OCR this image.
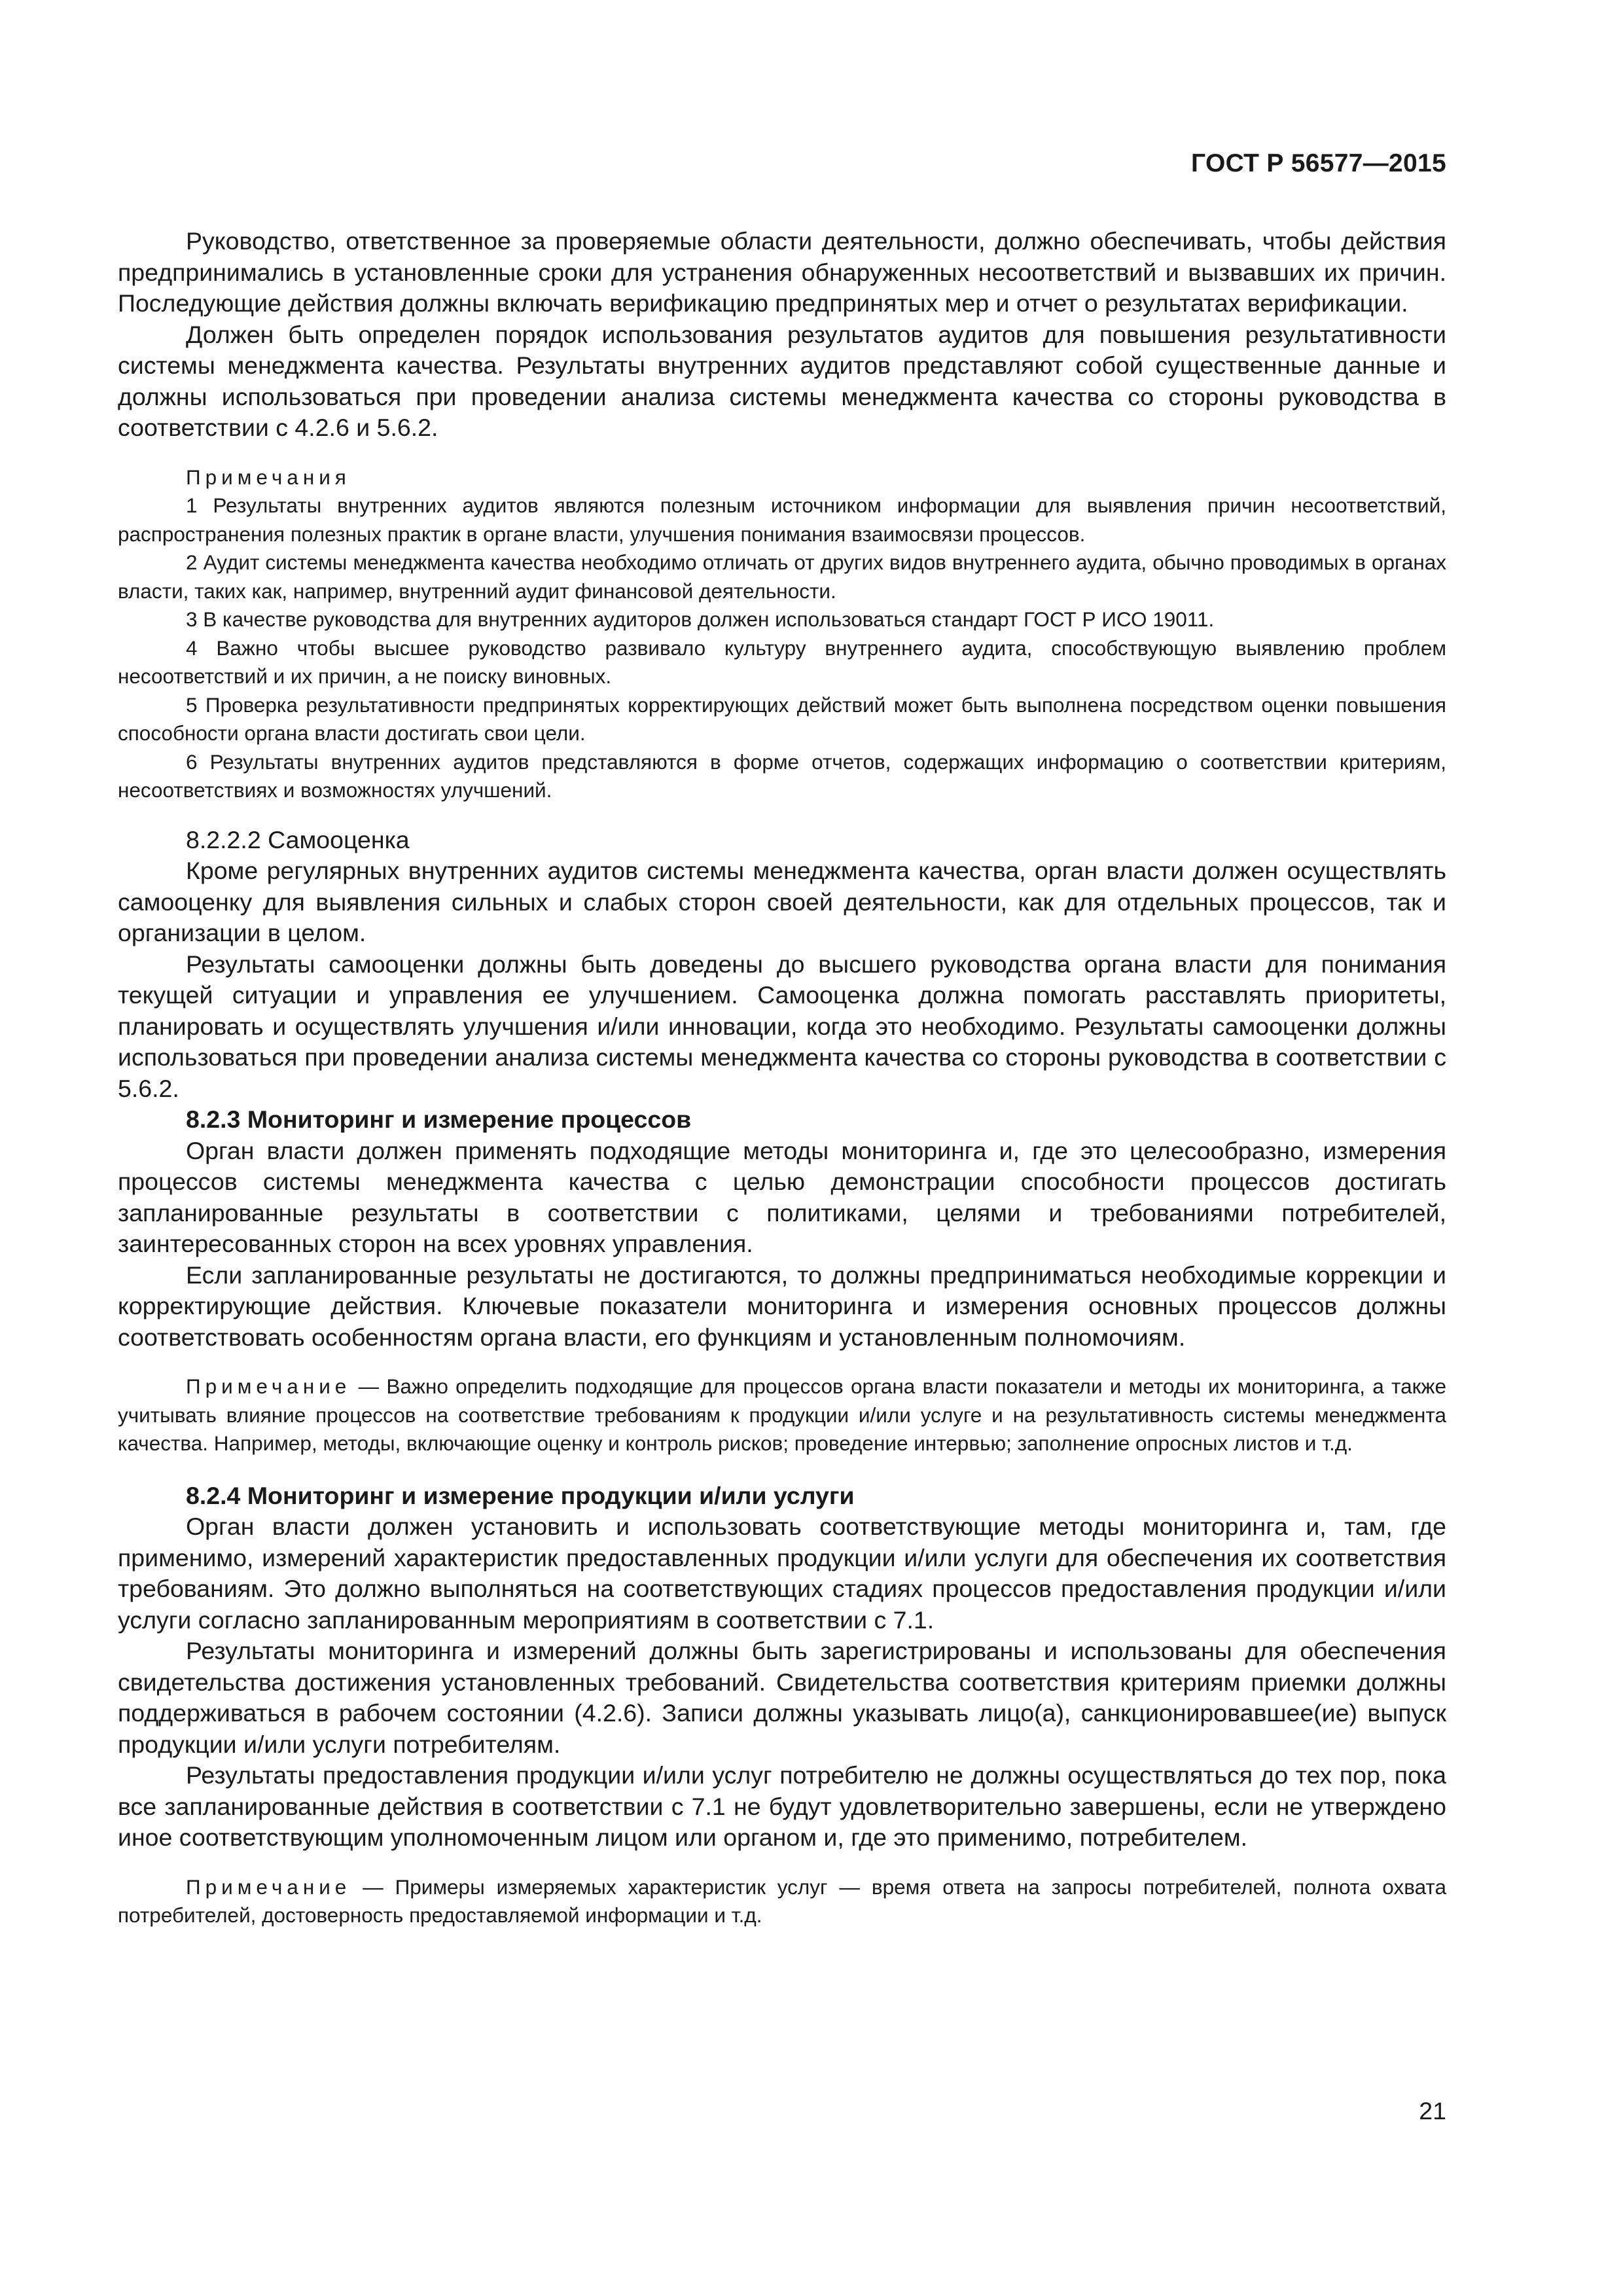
ГОСТ Р 56577—2015

Руководство, ответственное за проверяемые области деятельности, должно обеспечивать, чтобы действия предпринимались в установленные сроки для устранения обнаруженных несоответствий и вызвавших их причин. Последующие действия должны включать верификацию предпринятых мер и отчет о результатах верификации.

Должен быть определен порядок использования результатов аудитов для повышения результативности системы менеджмента качества. Результаты внутренних аудитов представляют собой существенные данные и должны использоваться при проведении анализа системы менеджмента качества со стороны руководства в соответствии с 4.2.6 и 5.6.2.

Примечания

1 Результаты внутренних аудитов являются полезным источником информации для выявления причин несоответствий, распространения полезных практик в органе власти, улучшения понимания взаимосвязи процессов.

2 Аудит системы менеджмента качества необходимо отличать от других видов внутреннего аудита, обычно проводимых в органах власти, таких как, например, внутренний аудит финансовой деятельности.

3 В качестве руководства для внутренних аудиторов должен использоваться стандарт ГОСТ Р ИСО 19011.

4 Важно чтобы высшее руководство развивало культуру внутреннего аудита, способствующую выявлению проблем несоответствий и их причин, а не поиску виновных.

5 Проверка результативности предпринятых корректирующих действий может быть выполнена посредством оценки повышения способности органа власти достигать свои цели.

6 Результаты внутренних аудитов представляются в форме отчетов, содержащих информацию о соответствии критериям, несоответствиях и возможностях улучшений.

8.2.2.2 Самооценка

Кроме регулярных внутренних аудитов системы менеджмента качества, орган власти должен осуществлять самооценку для выявления сильных и слабых сторон своей деятельности, как для отдельных процессов, так и организации в целом.

Результаты самооценки должны быть доведены до высшего руководства органа власти для понимания текущей ситуации и управления ее улучшением. Самооценка должна помогать расставлять приоритеты, планировать и осуществлять улучшения и/или инновации, когда это необходимо. Результаты самооценки должны использоваться при проведении анализа системы менеджмента качества со стороны руководства в соответствии с 5.6.2.

8.2.3 Мониторинг и измерение процессов

Орган власти должен применять подходящие методы мониторинга и, где это целесообразно, измерения процессов системы менеджмента качества с целью демонстрации способности процессов достигать запланированные результаты в соответствии с политиками, целями и требованиями потребителей, заинтересованных сторон на всех уровнях управления.

Если запланированные результаты не достигаются, то должны предприниматься необходимые коррекции и корректирующие действия. Ключевые показатели мониторинга и измерения основных процессов должны соответствовать особенностям органа власти, его функциям и установленным полномочиям.

Примечание — Важно определить подходящие для процессов органа власти показатели и методы их мониторинга, а также учитывать влияние процессов на соответствие требованиям к продукции и/или услуге и на результативность системы менеджмента качества. Например, методы, включающие оценку и контроль рисков; проведение интервью; заполнение опросных листов и т.д.

8.2.4 Мониторинг и измерение продукции и/или услуги

Орган власти должен установить и использовать соответствующие методы мониторинга и, там, где применимо, измерений характеристик предоставленных продукции и/или услуги для обеспечения их соответствия требованиям. Это должно выполняться на соответствующих стадиях процессов предоставления продукции и/или услуги согласно запланированным мероприятиям в соответствии с 7.1.

Результаты мониторинга и измерений должны быть зарегистрированы и использованы для обеспечения свидетельства достижения установленных требований. Свидетельства соответствия критериям приемки должны поддерживаться в рабочем состоянии (4.2.6). Записи должны указывать лицо(а), санкционировавшее(ие) выпуск продукции и/или услуги потребителям.

Результаты предоставления продукции и/или услуг потребителю не должны осуществляться до тех пор, пока все запланированные действия в соответствии с 7.1 не будут удовлетворительно завершены, если не утверждено иное соответствующим уполномоченным лицом или органом и, где это применимо, потребителем.

Примечание — Примеры измеряемых характеристик услуг — время ответа на запросы потребителей, полнота охвата потребителей, достоверность предоставляемой информации и т.д.

21
